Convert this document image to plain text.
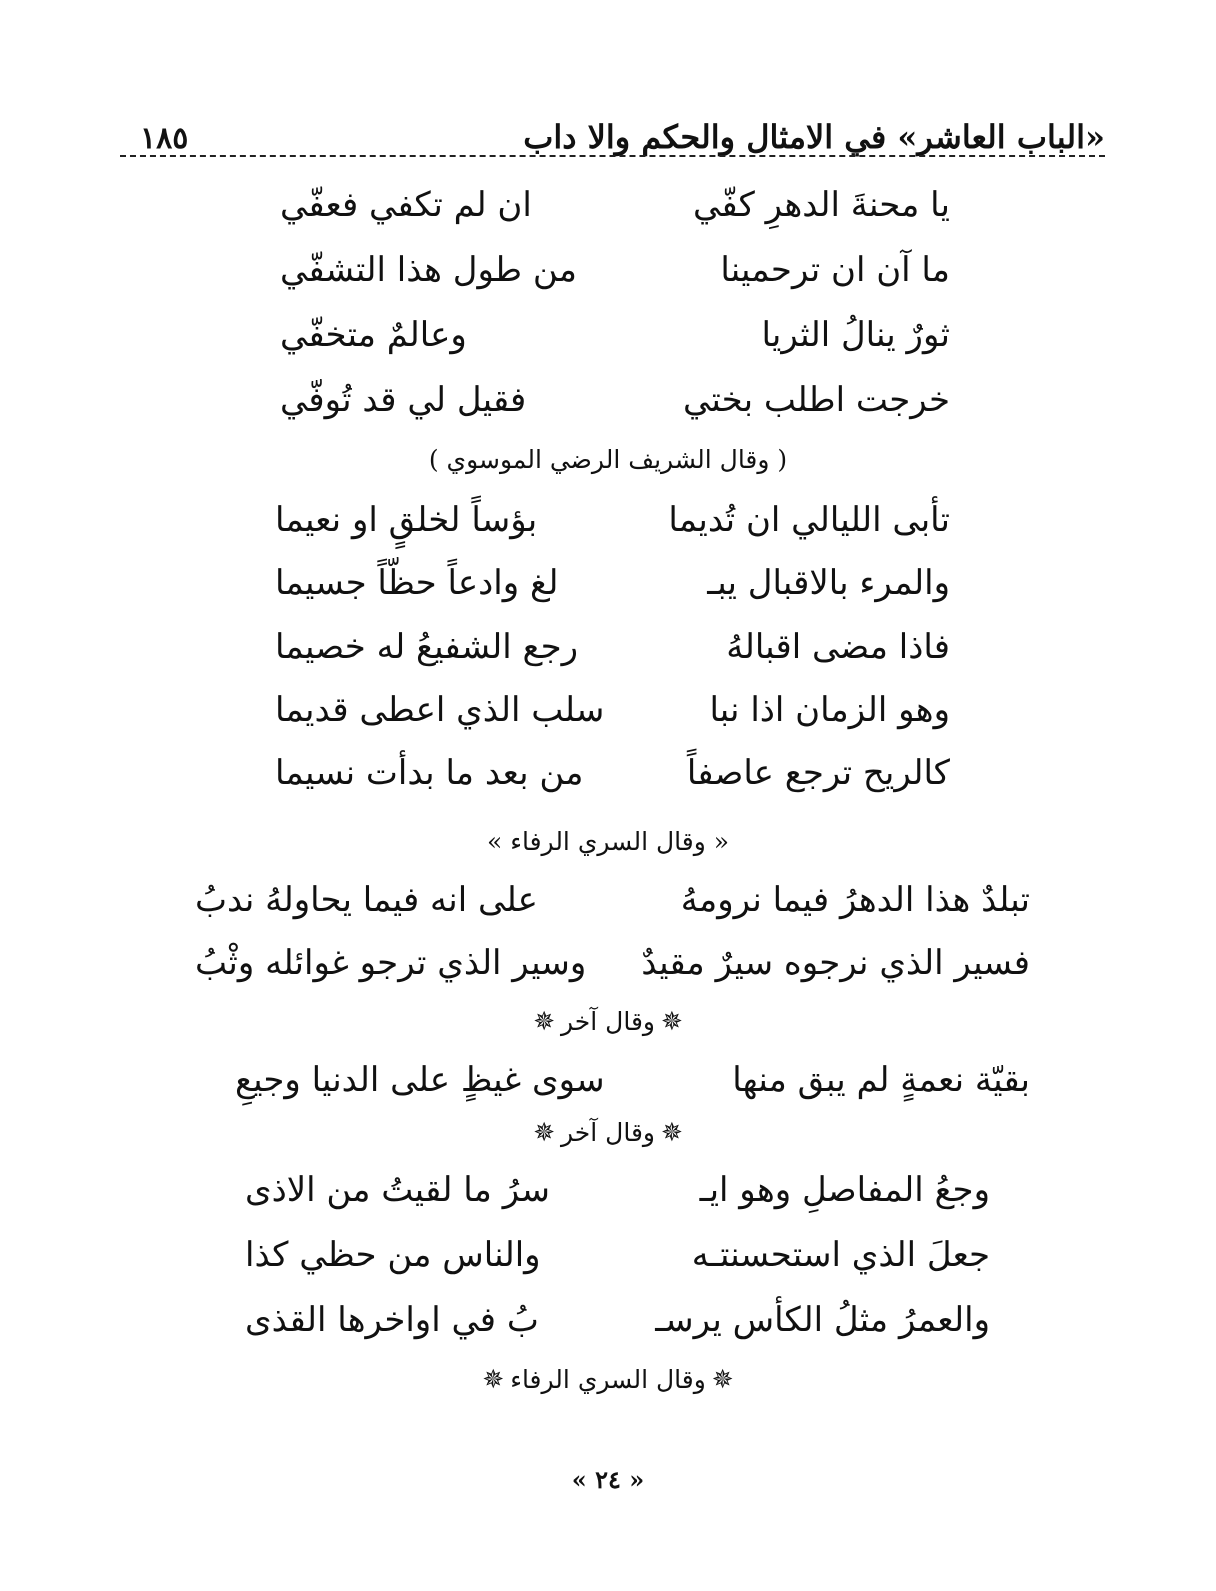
«الباب العاشر» في الامثال والحكم والا داب
١٨٥
يا محنةَ الدهرِ كفّي
ان لم تكفي فعفّي
ما آن ان ترحمينا
من طول هذا التشفّي
ثورٌ ينالُ الثريا
وعالمٌ متخفّي
خرجت اطلب بختي
فقيل لي قد تُوفّي
( وقال الشريف الرضي الموسوي )
تأبى الليالي ان تُديما
بؤساً لخلقٍ او نعيما
والمرء بالاقبال يبـ
لغ وادعاً حظّاً جسيما
فاذا مضى اقبالهُ
رجع الشفيعُ له خصيما
وهو الزمان اذا نبا
سلب الذي اعطى قديما
كالريح ترجع عاصفاً
من بعد ما بدأت نسيما
« وقال السري الرفاء »
تبلدٌ هذا الدهرُ فيما نرومهُ
على انه فيما يحاولهُ ندبُ
فسير الذي نرجوه سيرٌ مقيدٌ
وسير الذي ترجو غوائله وثْبُ
✵وقال آخر✵
بقيّة نعمةٍ لم يبق منها
سوى غيظٍ على الدنيا وجيعِ
✵وقال آخر✵
وجعُ المفاصلِ وهو ايـ
سرُ ما لقيتُ من الاذى
جعلَ الذي استحسنتـه
والناس من حظي كذا
والعمرُ مثلُ الكأس يرسـ
بُ في اواخرها القذى
✵وقال السري الرفاء✵
« ٢٤ »
